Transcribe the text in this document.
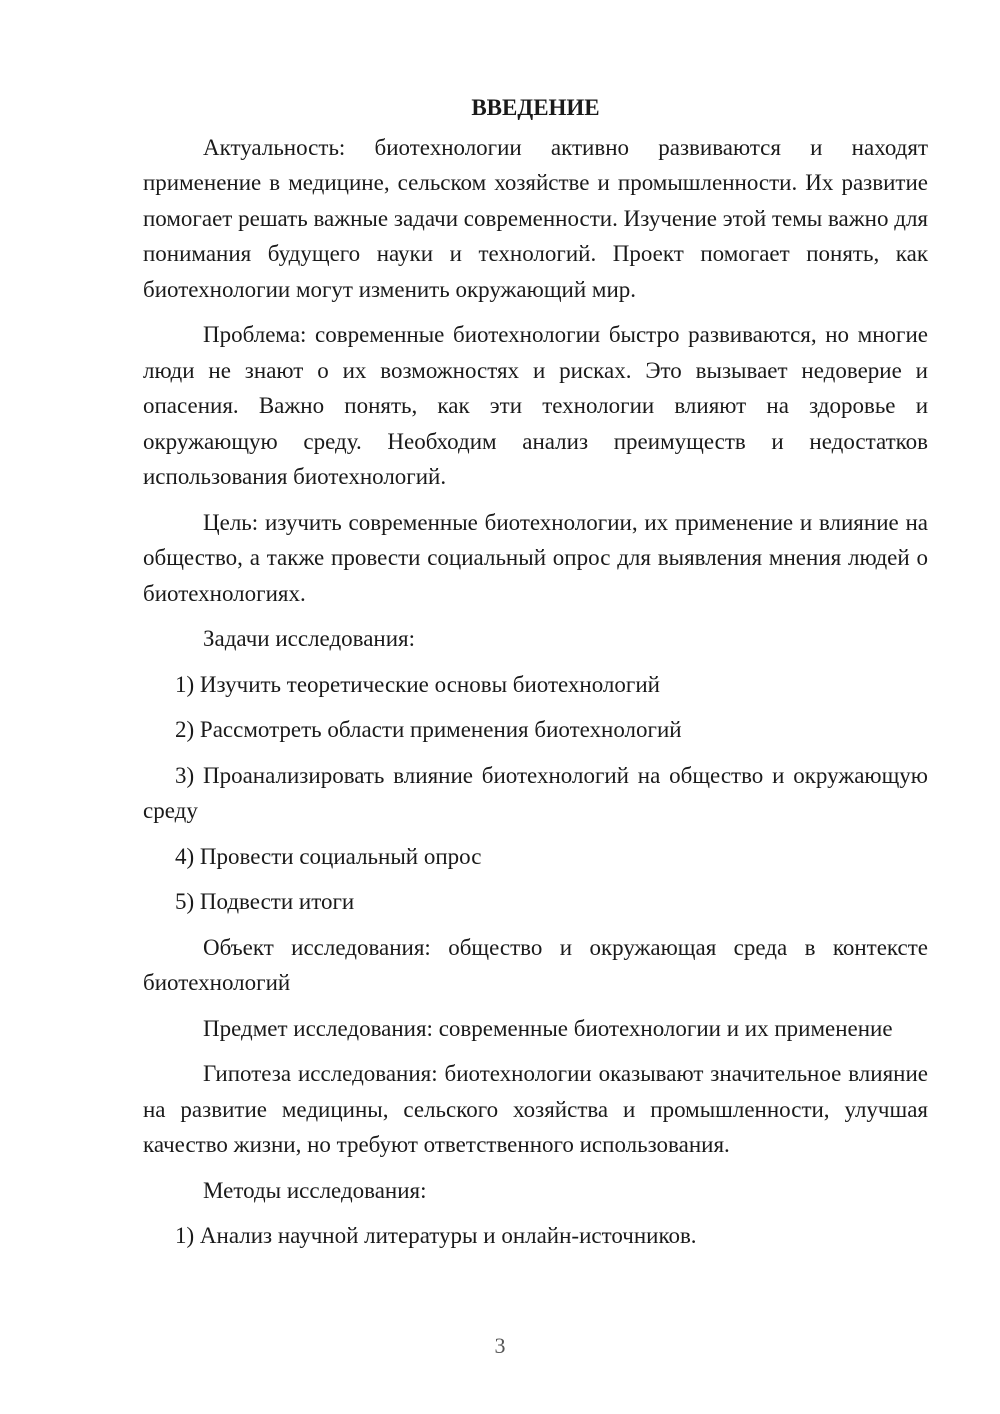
ВВЕДЕНИЕ

Актуальность: биотехнологии активно развиваются и находят применение в медицине, сельском хозяйстве и промышленности. Их развитие помогает решать важные задачи современности. Изучение этой темы важно для понимания будущего науки и технологий. Проект помогает понять, как биотехнологии могут изменить окружающий мир.

Проблема: современные биотехнологии быстро развиваются, но многие люди не знают о их возможностях и рисках. Это вызывает недоверие и опасения. Важно понять, как эти технологии влияют на здоровье и окружающую среду. Необходим анализ преимуществ и недостатков использования биотехнологий.

Цель: изучить современные биотехнологии, их применение и влияние на общество, а также провести социальный опрос для выявления мнения людей о биотехнологиях.

Задачи исследования:

1) Изучить теоретические основы биотехнологий

2) Рассмотреть области применения биотехнологий

3) Проанализировать влияние биотехнологий на общество и окружающую среду

4) Провести социальный опрос

5) Подвести итоги

Объект исследования: общество и окружающая среда в контексте биотехнологий

Предмет исследования: современные биотехнологии и их применение

Гипотеза исследования: биотехнологии оказывают значительное влияние на развитие медицины, сельского хозяйства и промышленности, улучшая качество жизни, но требуют ответственного использования.

Методы исследования:

1) Анализ научной литературы и онлайн-источников.

3
